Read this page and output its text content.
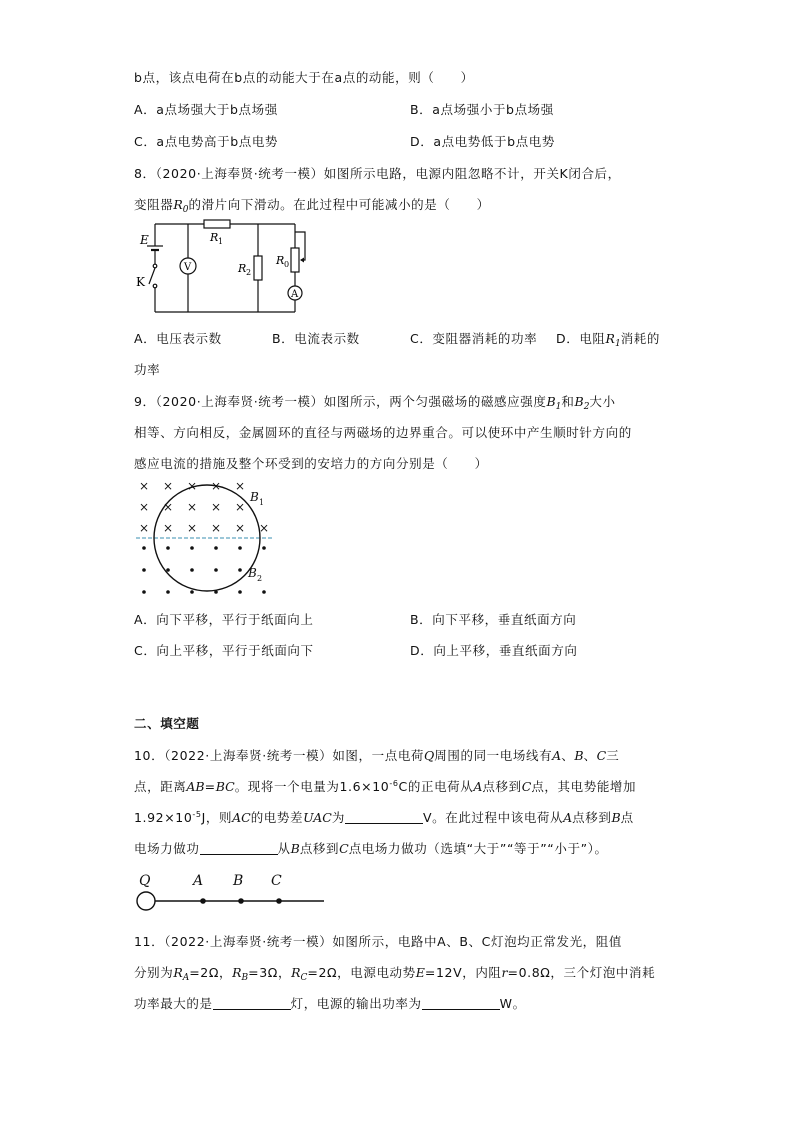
b点，该点电荷在b点的动能大于在a点的动能，则（　　）
A．a点场强大于b点场强	B．a点场强小于b点场强
C．a点电势高于b点电势	D．a点电势低于b点电势
8．（2020·上海奉贤·统考一模）如图所示电路，电源内阻忽略不计，开关K闭合后，
变阻器$R_0$的滑片向下滑动。在此过程中可能减小的是（　　）
E
K
R 1
R 2
R 0
V
A
A．电压表示数	B．电流表示数	C．变阻器消耗的功率 D．电阻$R_1$消耗的
功率
9．（2020·上海奉贤·统考一模）如图所示，两个匀强磁场的磁感应强度$B_1$和$B_2$大小
相等、方向相反，金属圆环的直径与两磁场的边界重合。可以使环中产生顺时针方向的
感应电流的措施及整个环受到的安培力的方向分别是（　　）
× × × × ×
× × × × ×
× × × × × ×
B 1
B 2
A．向下平移，平行于纸面向上	B．向下平移，垂直纸面方向
C．向上平移，平行于纸面向下	D．向上平移，垂直纸面方向
二、填空题
10．（2022·上海奉贤·统考一模）如图，一点电荷Q周围的同一电场线有A、B、C三
点，距离AB=BC。现将一个电量为$1.6\times 10^{-6}C$的正电荷从A点移到C点，其电势能增加
$1.92\times 10^{-5}J$，则AC的电势差UAC为	V。在此过程中该电荷从A点移到B点
电场力做功	从B点移到C点电场力做功（选填“大于”“等于”“小于”）。
Q	A B C
11．（2022·上海奉贤·统考一模）如图所示，电路中A、B、C灯泡均正常发光，阻值
分别为$R_A=2\Omega$，$R_B=3\Omega$，$R_C=2\Omega$，电源电动势E=12V，内阻r=0.8Ω，三个灯泡中消耗
功率最大的是	灯，电源的输出功率为	W。
